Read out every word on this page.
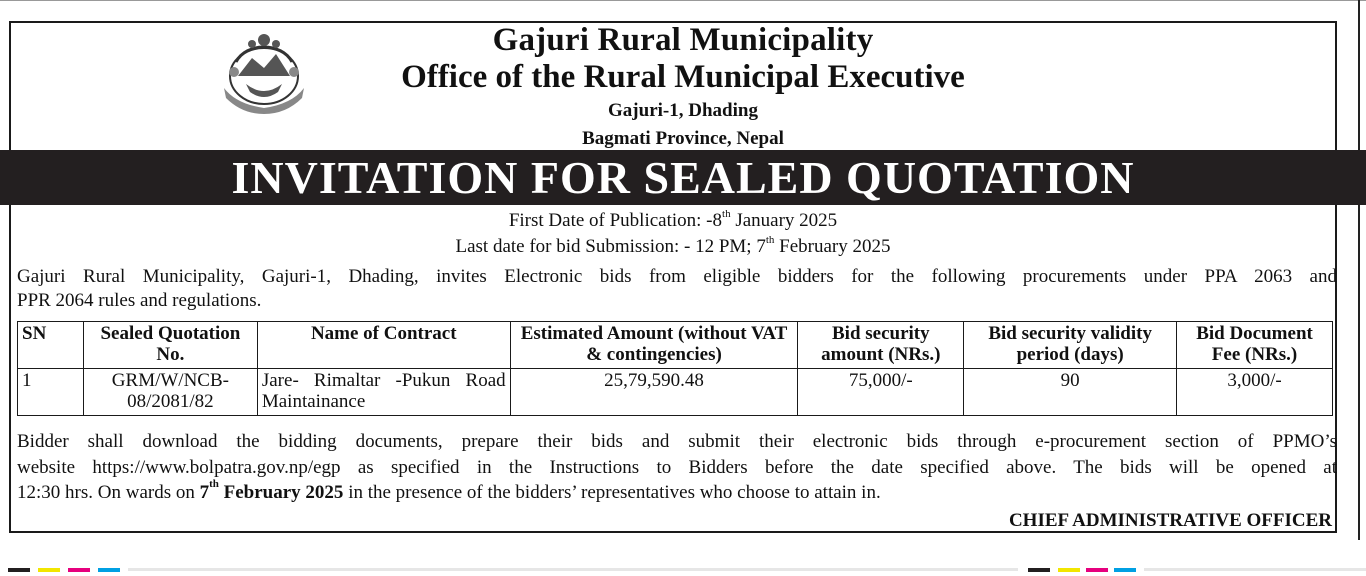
Gajuri Rural Municipality
Office of the Rural Municipal Executive
Gajuri-1, Dhading
Bagmati Province, Nepal
INVITATION FOR SEALED QUOTATION
First Date of Publication: -8th January 2025
Last date for bid Submission: - 12 PM; 7th February 2025
Gajuri Rural Municipality, Gajuri-1, Dhading, invites Electronic bids from eligible bidders for the following procurements under PPA 2063 and
PPR 2064 rules and regulations.
SN	Sealed Quotation No.	Name of Contract	Estimated Amount (without VAT & contingencies)	Bid security amount (NRs.)	Bid security validity period (days)	Bid Document Fee (NRs.)
1	GRM/W/NCB-08/2081/82	Jare- Rimaltar -Pukun Road Maintainance	25,79,590.48	75,000/-	90	3,000/-
Bidder shall download the bidding documents, prepare their bids and submit their electronic bids through e-procurement section of PPMO’s
website https://www.bolpatra.gov.np/egp as specified in the Instructions to Bidders before the date specified above. The bids will be opened at
12:30 hrs. On wards on 7th February 2025 in the presence of the bidders’ representatives who choose to attain in.
CHIEF ADMINISTRATIVE OFFICER
